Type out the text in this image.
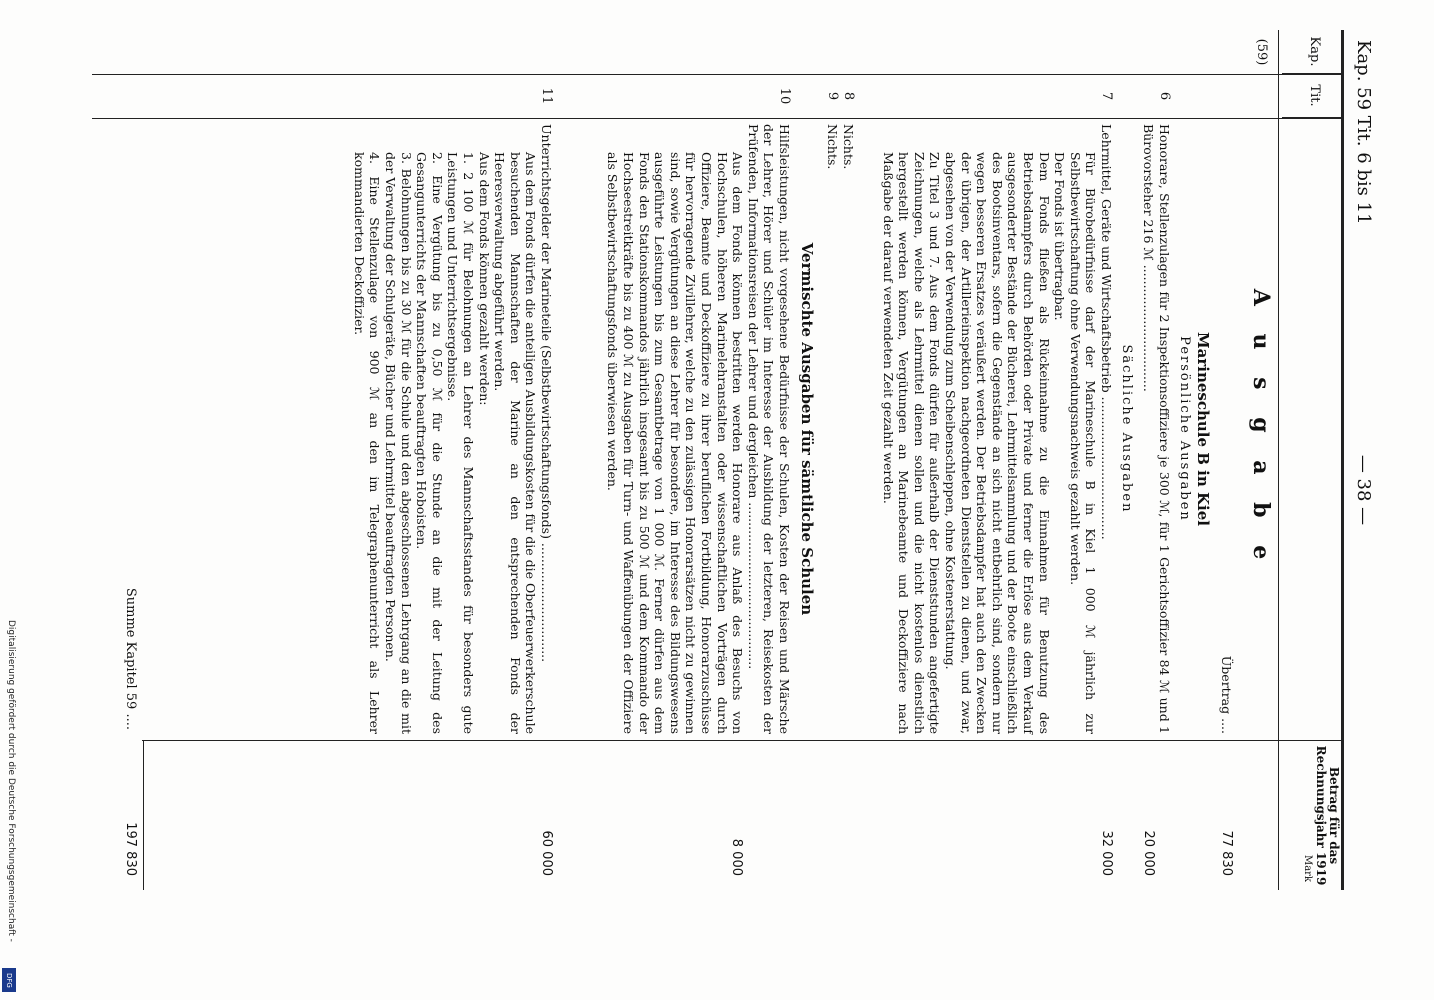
Kap. 59 Tit. 6 bis 11
— 38 —
Kap.
Tit.
Betrag für das Rechnungsjahr 1919
Mark
(59)
A u s g a b e
Übertrag ....
77 830
Marineschule B in Kiel
Persönliche Ausgaben
6
Honorare, Stellenzulagen für 2 Inspektionsoffiziere je 300 ℳ, für 1 Gerichtsoffizier 84 ℳ und 1 Bürovorsteher 216 ℳ ................................
20 000
Sächliche Ausgaben
7
Lehrmittel, Geräte und Wirtschaftsbetrieb ....................................
Für Bürobedürfnisse darf der Marineschule B in Kiel 1 000 ℳ jährlich zur Selbstbewirtschaftung ohne Verwendungsnachweis gezahlt werden.
Der Fonds ist übertragbar.
Dem Fonds fließen als Rückeinnahme zu die Einnahmen für Benutzung des Betriebsdampfers durch Behörden oder Private und ferner die Erlöse aus dem Verkauf ausgesonderter Bestände der Bücherei, Lehrmittelsammlung und der Boote einschließlich des Bootsinventars, sofern die Gegenstände an sich nicht entbehrlich sind, sondern nur wegen besseren Ersatzes veräußert werden. Der Betriebsdampfer hat auch den Zwecken der übrigen, der Artillerieinspektion nachgeordneten Dienststellen zu dienen, und zwar, abgesehen von der Verwendung zum Scheibenschleppen, ohne Kostenerstattung.
Zu Titel 3 und 7. Aus dem Fonds dürfen für außerhalb der Dienststunden angefertigte Zeichnungen, welche als Lehrmittel dienen sollen und die nicht kostenlos dienstlich hergestellt werden können, Vergütungen an Marinebeamte und Deckoffiziere nach Maßgabe der darauf verwendeten Zeit gezahlt werden.
32 000
8
Nichts.
9
Nichts.
Vermischte Ausgaben für sämtliche Schulen
10
Hilfsleistungen, nicht vorgesehene Bedürfnisse der Schulen, Kosten der Reisen und Märsche der Lehrer, Hörer und Schüler im Interesse der Ausbildung der letzteren, Reisekosten der Prüfenden, Informationsreisen der Lehrer und dergleichen ..........................................
Aus dem Fonds können bestritten werden Honorare aus Anlaß des Besuchs von Hochschulen, höheren Marinelehranstalten oder wissenschaftlichen Vorträgen durch Offiziere, Beamte und Deckoffiziere zu ihrer beruflichen Fortbildung, Honorarzuschüsse für hervorragende Zivillehrer, welche zu den zulässigen Honorarsätzen nicht zu gewinnen sind, sowie Vergütungen an diese Lehrer für besondere, im Interesse des Bildungswesens ausgeführte Leistungen bis zum Gesamtbetrage von 1 000 ℳ. Ferner dürfen aus dem Fonds den Stationskommandos jährlich insgesamt bis zu 500 ℳ und dem Kommando der Hochseestreitkräfte bis zu 400 ℳ zu Ausgaben für Turn- und Waffenübungen der Offiziere als Selbstbewirtschaftungsfonds überwiesen werden.
8 000
11
Unterrichtsgelder der Marineteile (Selbstbewirtschaftungsfonds) ..............................
Aus dem Fonds dürfen die anteiligen Ausbildungskosten für die die Oberfeuerwerkerschule besuchenden Mannschaften der Marine an den entsprechenden Fonds der Heeresverwaltung abgeführt werden.
Aus dem Fonds können gezahlt werden:
1. 2 100 ℳ für Belohnungen an Lehrer des Mannschaftsstandes für besonders gute Leistungen und Unterrichtsergebnisse.
2. Eine Vergütung bis zu 0,50 ℳ für die Stunde an die mit der Leitung des Gesangunterrichts der Mannschaften beauftragten Hoboisten.
3. Belohnungen bis zu 30 ℳ für die Schule und den abgeschlossenen Lehrgang an die mit der Verwaltung der Schulgeräte, Bücher und Lehrmittel beauftragten Personen.
4. Eine Stellenzulage von 900 ℳ an den im Telegraphenunterricht als Lehrer kommandierten Deckoffizier.
60 000
Summe Kapitel 59 ....
197 830
Digitalisierung gefördert durch die Deutsche Forschungsgemeinschaft -
DFG
